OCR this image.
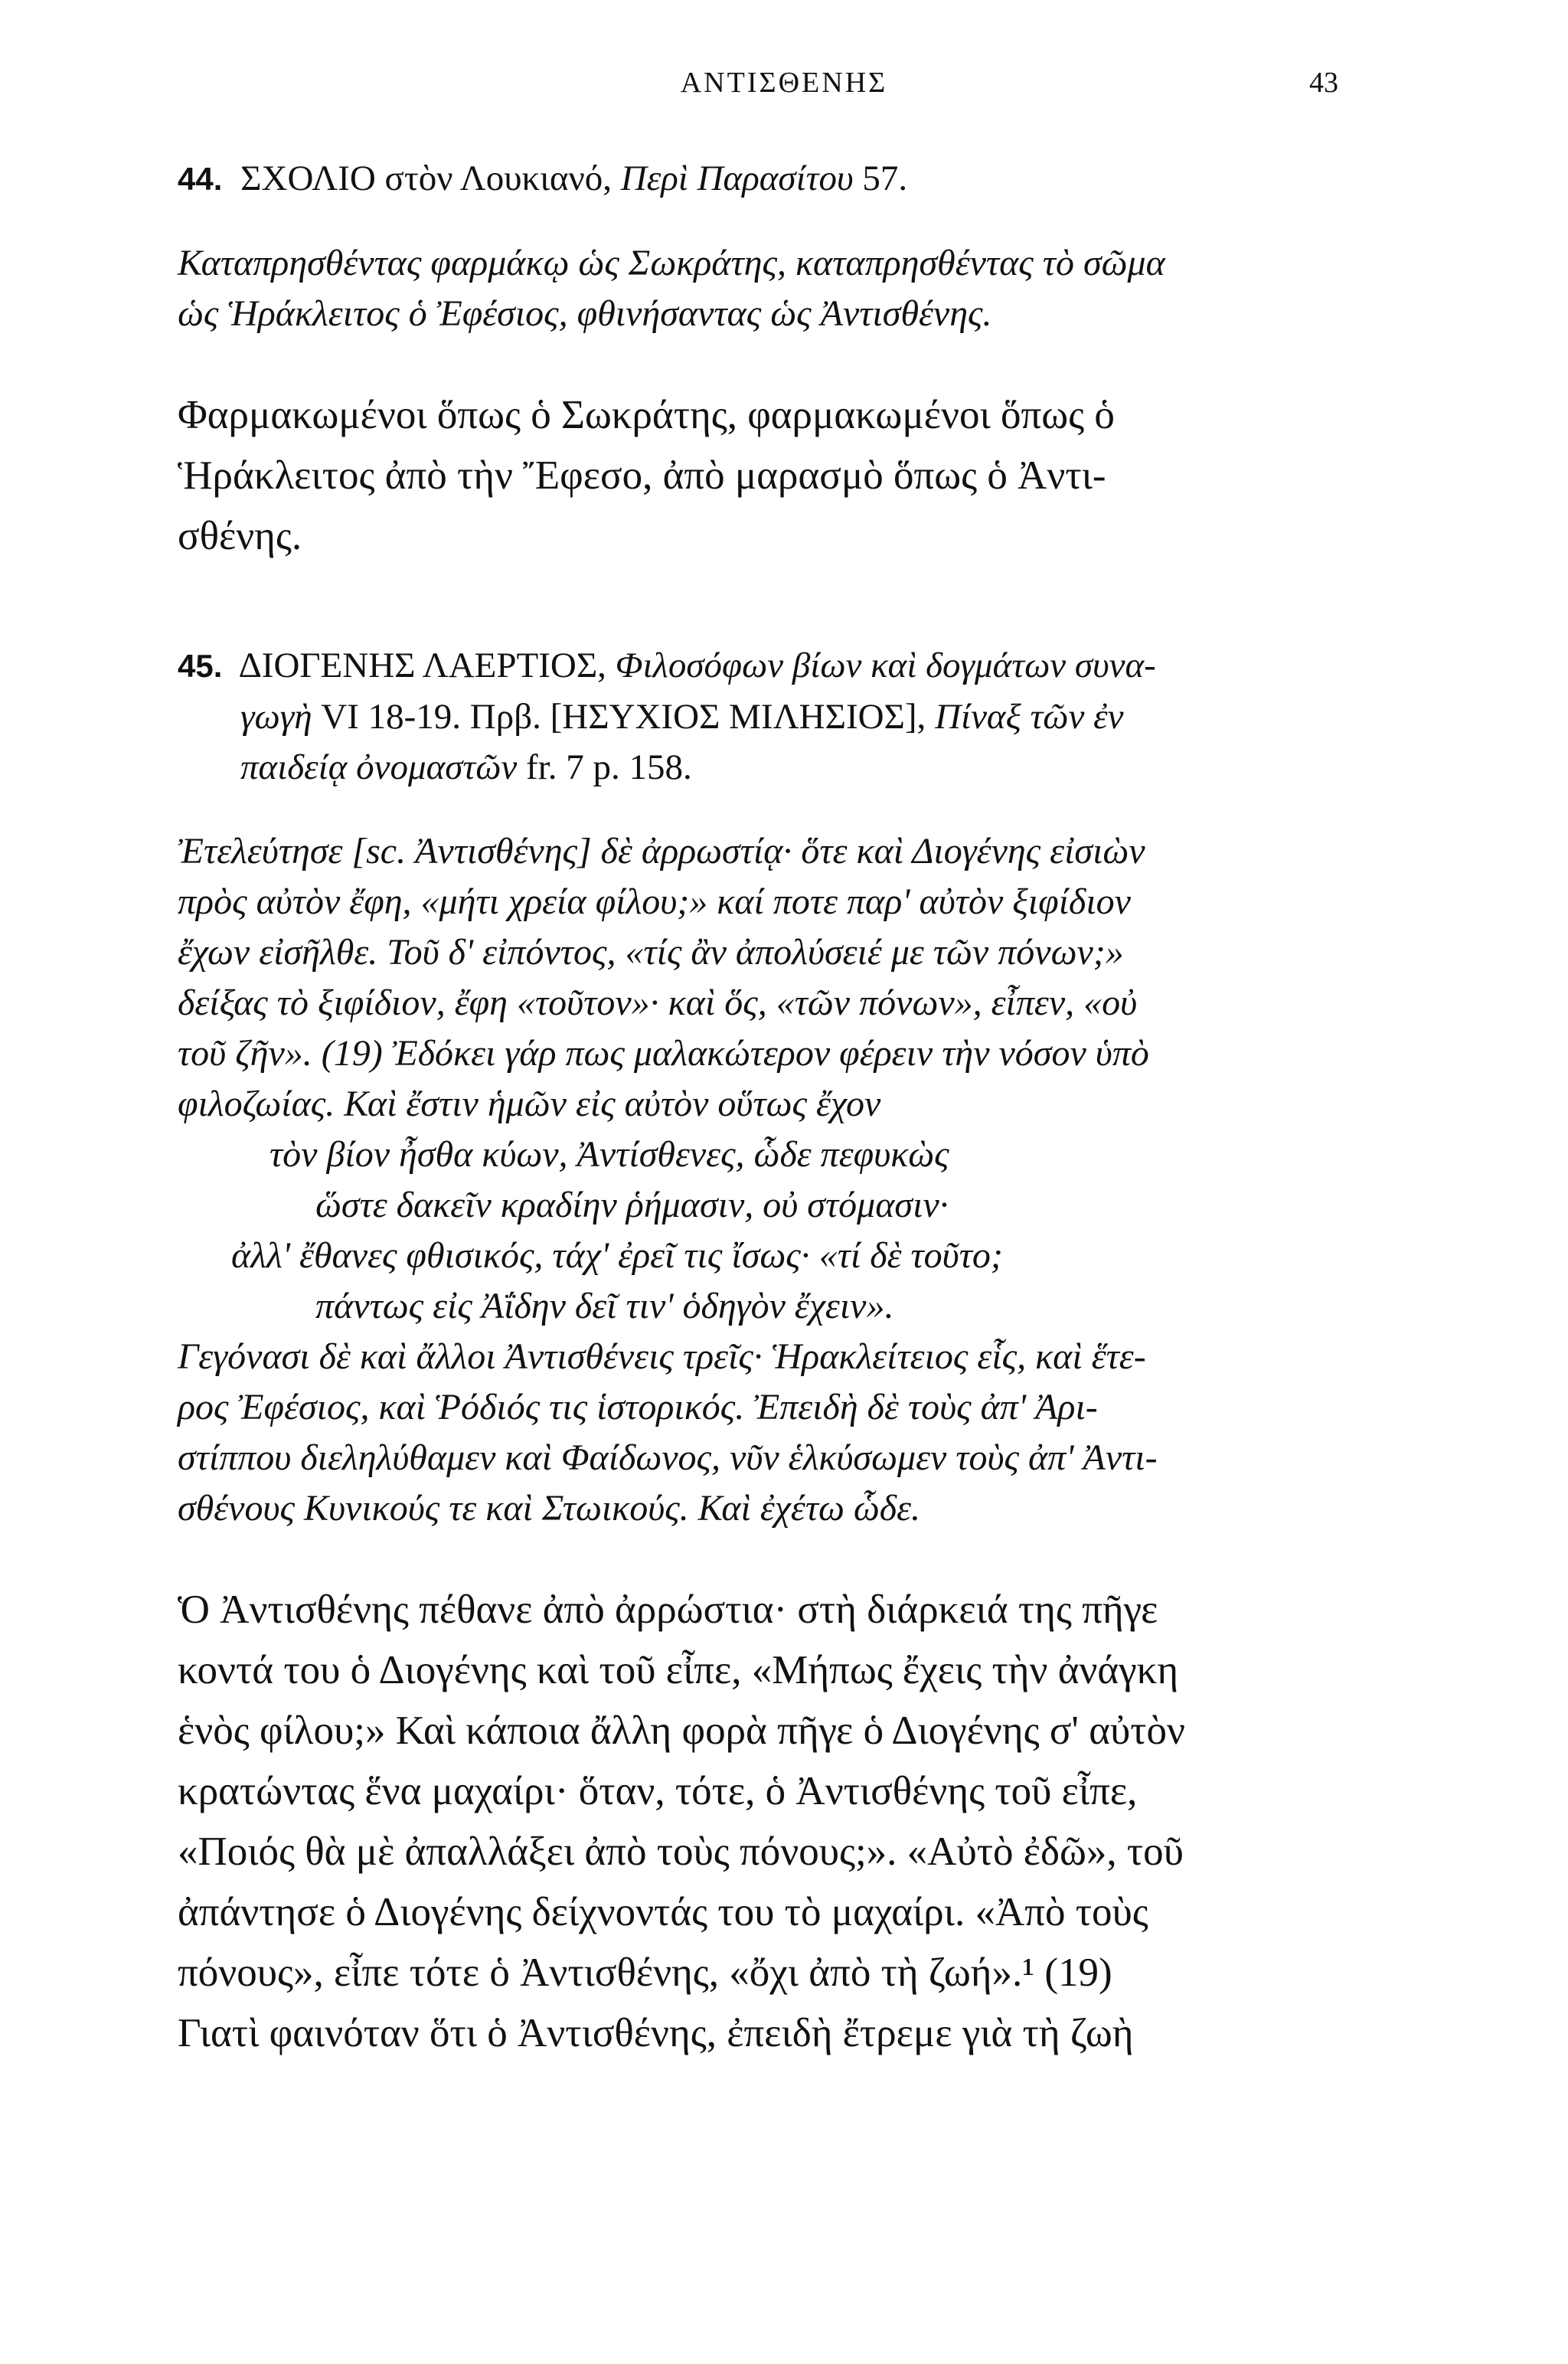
ΑΝΤΙΣΘΕΝΗΣ	43

44. ΣΧΟΛΙΟ στὸν Λουκιανό, Περὶ Παρασίτου 57.

Καταπρησθέντας φαρμάκῳ ὡς Σωκράτης, καταπρησθέντας τὸ σῶμα

ὡς Ἡράκλειτος ὁ Ἐφέσιος, φθινήσαντας ὡς Ἀντισθένης.

Φαρμακωμένοι ὅπως ὁ Σωκράτης, φαρμακωμένοι ὅπως ὁ

Ἡράκλειτος ἀπὸ τὴν Ἔφεσο, ἀπὸ μαρασμὸ ὅπως ὁ Ἀντι-

σθένης.

45. ΔΙΟΓΕΝΗΣ ΛΑΕΡΤΙΟΣ, Φιλοσόφων βίων καὶ δογμάτων συνα-
γωγὴ VI 18-19. Πρβ. [ΗΣΥΧΙΟΣ ΜΙΛΗΣΙΟΣ], Πίναξ τῶν ἐν
παιδείᾳ ὀνομαστῶν fr. 7 p. 158.

Ἐτελεύτησε [sc. Ἀντισθένης] δὲ ἀρρωστίᾳ· ὅτε καὶ Διογένης εἰσιὼν

πρὸς αὐτὸν ἔφη, «μήτι χρεία φίλου;» καί ποτε παρ' αὐτὸν ξιφίδιον

ἔχων εἰσῆλθε. Τοῦ δ' εἰπόντος, «τίς ἂν ἀπολύσειέ με τῶν πόνων;»

δείξας τὸ ξιφίδιον, ἔφη «τοῦτον»· καὶ ὅς, «τῶν πόνων», εἶπεν, «οὐ

τοῦ ζῆν». (19) Ἐδόκει γάρ πως μαλακώτερον φέρειν τὴν νόσον ὑπὸ

φιλοζωίας. Καὶ ἔστιν ἡμῶν εἰς αὐτὸν οὕτως ἔχον

τὸν βίον ἦσθα κύων, Ἀντίσθενες, ὧδε πεφυκὼς

ὥστε δακεῖν κραδίην ῥήμασιν, οὐ στόμασιν·

ἀλλ' ἔθανες φθισικός, τάχ' ἐρεῖ τις ἴσως· «τί δὲ τοῦτο;

πάντως εἰς Ἀΐδην δεῖ τιν' ὁδηγὸν ἔχειν».

Γεγόνασι δὲ καὶ ἄλλοι Ἀντισθένεις τρεῖς· Ἡρακλείτειος εἷς, καὶ ἕτε-

ρος Ἐφέσιος, καὶ Ῥόδιός τις ἱστορικός. Ἐπειδὴ δὲ τοὺς ἀπ' Ἀρι-

στίππου διεληλύθαμεν καὶ Φαίδωνος, νῦν ἑλκύσωμεν τοὺς ἀπ' Ἀντι-

σθένους Κυνικούς τε καὶ Στωικούς. Καὶ ἐχέτω ὧδε.

Ὁ Ἀντισθένης πέθανε ἀπὸ ἀρρώστια· στὴ διάρκειά της πῆγε

κοντά του ὁ Διογένης καὶ τοῦ εἶπε, «Μήπως ἔχεις τὴν ἀνάγκη

ἑνὸς φίλου;» Καὶ κάποια ἄλλη φορὰ πῆγε ὁ Διογένης σ' αὐτὸν

κρατώντας ἕνα μαχαίρι· ὅταν, τότε, ὁ Ἀντισθένης τοῦ εἶπε,

«Ποιός θὰ μὲ ἀπαλλάξει ἀπὸ τοὺς πόνους;». «Αὐτὸ ἐδῶ», τοῦ

ἀπάντησε ὁ Διογένης δείχνοντάς του τὸ μαχαίρι. «Ἀπὸ τοὺς

πόνους», εἶπε τότε ὁ Ἀντισθένης, «ὄχι ἀπὸ τὴ ζωή».¹ (19)

Γιατὶ φαινόταν ὅτι ὁ Ἀντισθένης, ἐπειδὴ ἔτρεμε γιὰ τὴ ζωὴ
